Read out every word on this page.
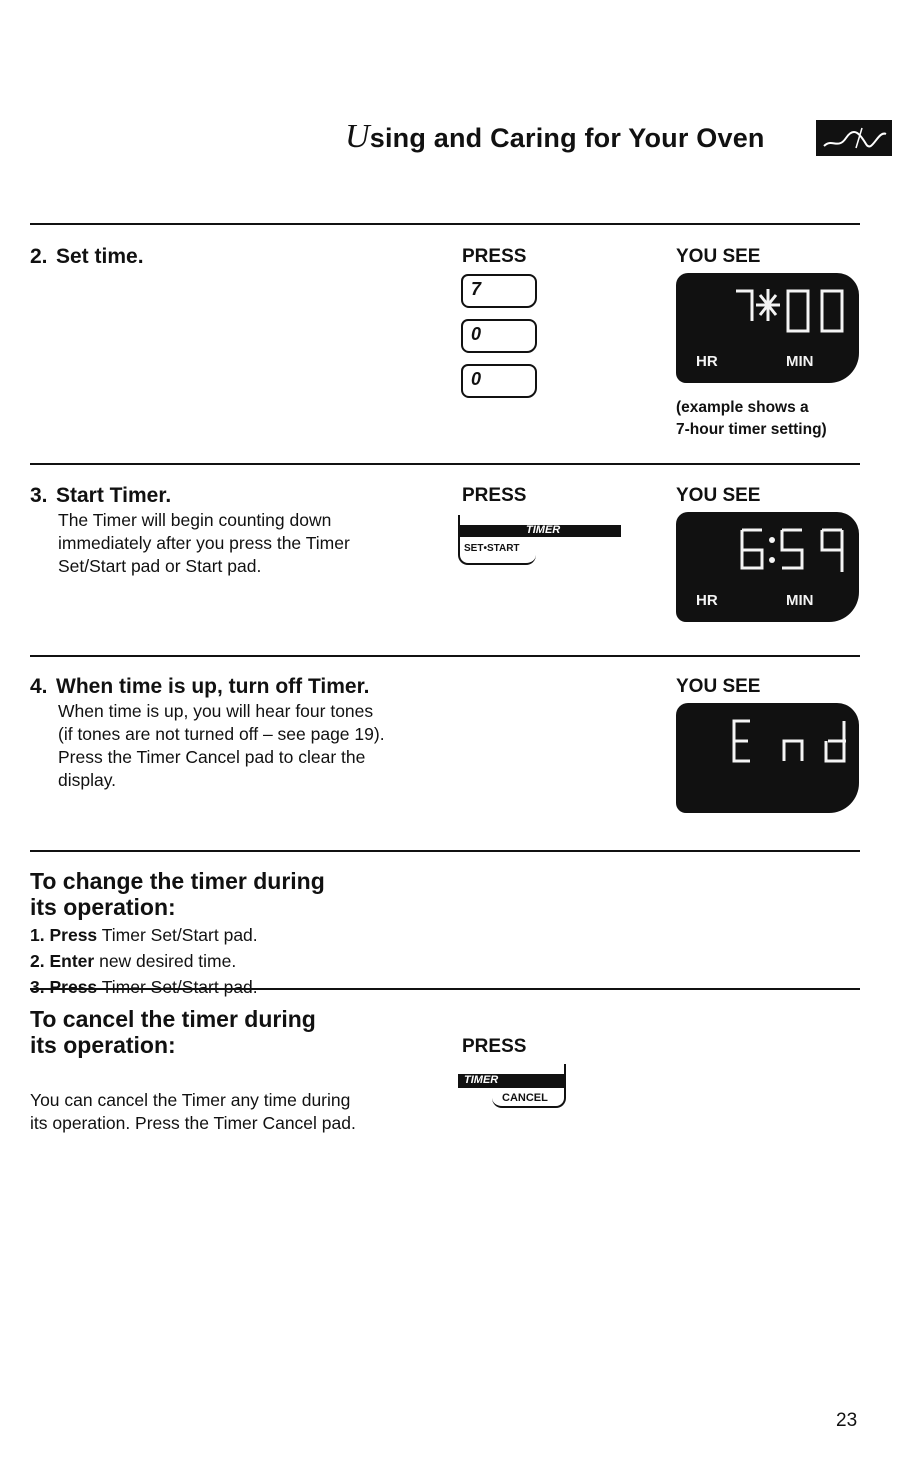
Using and Caring for Your Oven
2. Set time.	PRESS	YOU SEE
7
0
0
HR	MIN
(example shows a
7-hour timer setting)
3. Start Timer.
The Timer will begin counting down
immediately after you press the Timer
Set/Start pad or Start pad.
PRESS	YOU SEE
TIMER
SET•START
HR	MIN
4. When time is up, turn off Timer.
When time is up, you will hear four tones
(if tones are not turned off – see page 19).
Press the Timer Cancel pad to clear the
display.
YOU SEE
To change the timer during
its operation:
1. Press Timer Set/Start pad.
2. Enter new desired time.
3. Press Timer Set/Start pad.
To cancel the timer during
its operation:
You can cancel the Timer any time during
its operation. Press the Timer Cancel pad.
PRESS
TIMER
CANCEL
23
